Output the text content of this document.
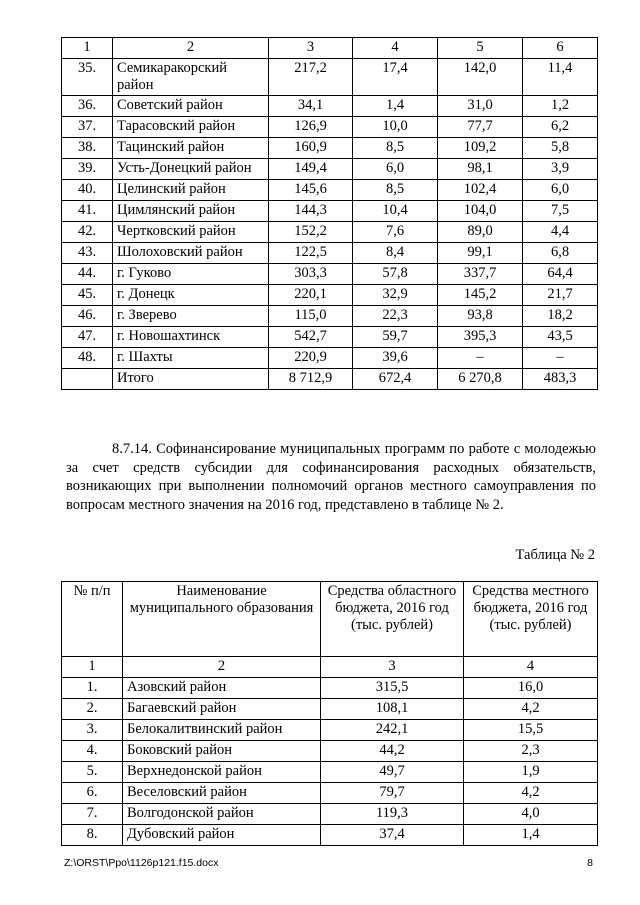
1	2	3	4	5	6
35.	Семикаракорский район	217,2	17,4	142,0	11,4
36.	Советский район	34,1	1,4	31,0	1,2
37.	Тарасовский район	126,9	10,0	77,7	6,2
38.	Тацинский район	160,9	8,5	109,2	5,8
39.	Усть-Донецкий район	149,4	6,0	98,1	3,9
40.	Целинский район	145,6	8,5	102,4	6,0
41.	Цимлянский район	144,3	10,4	104,0	7,5
42.	Чертковский район	152,2	7,6	89,0	4,4
43.	Шолоховский район	122,5	8,4	99,1	6,8
44.	г. Гуково	303,3	57,8	337,7	64,4
45.	г. Донецк	220,1	32,9	145,2	21,7
46.	г. Зверево	115,0	22,3	93,8	18,2
47.	г. Новошахтинск	542,7	59,7	395,3	43,5
48.	г. Шахты	220,9	39,6	–	–
	Итого	8 712,9	672,4	6 270,8	483,3

8.7.14. Софинансирование муниципальных программ по работе с молодежью за счет средств субсидии для софинансирования расходных обязательств, возникающих при выполнении полномочий органов местного самоуправления по вопросам местного значения на 2016 год, представлено в таблице № 2.

Таблица № 2

№ п/п	Наименование муниципального образования	Средства областного бюджета, 2016 год (тыс. рублей)	Средства местного бюджета, 2016 год (тыс. рублей)
1	2	3	4
1.	Азовский район	315,5	16,0
2.	Багаевский район	108,1	4,2
3.	Белокалитвинский район	242,1	15,5
4.	Боковский район	44,2	2,3
5.	Верхнедонской район	49,7	1,9
6.	Веселовский район	79,7	4,2
7.	Волгодонской район	119,3	4,0
8.	Дубовский район	37,4	1,4
Z:\ORST\Ppo\1126p121.f15.docx	8
